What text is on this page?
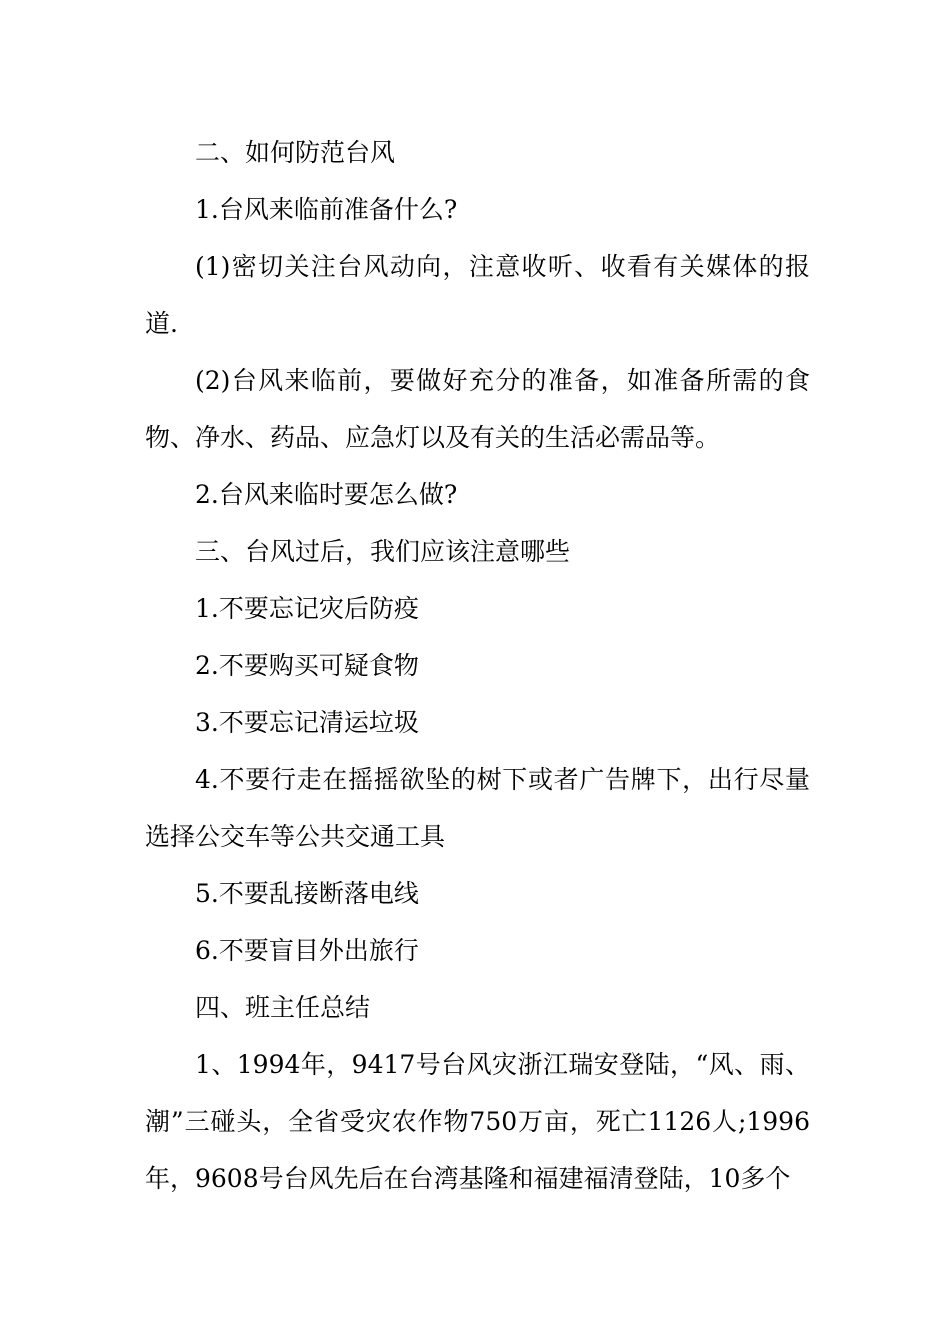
二、如何防范台风

1.台风来临前准备什么?

(1)密切关注台风动向，注意收听、收看有关媒体的报道.

(2)台风来临前，要做好充分的准备，如准备所需的食物、净水、药品、应急灯以及有关的生活必需品等。

2.台风来临时要怎么做?

三、台风过后，我们应该注意哪些

1.不要忘记灾后防疫

2.不要购买可疑食物

3.不要忘记清运垃圾

4.不要行走在摇摇欲坠的树下或者广告牌下，出行尽量选择公交车等公共交通工具

5.不要乱接断落电线

6.不要盲目外出旅行

四、班主任总结

1、1994年，9417号台风灾浙江瑞安登陆，“风、雨、潮”三碰头，全省受灾农作物750万亩，死亡1126人;1996年，9608号台风先后在台湾基隆和福建福清登陆，10多个
